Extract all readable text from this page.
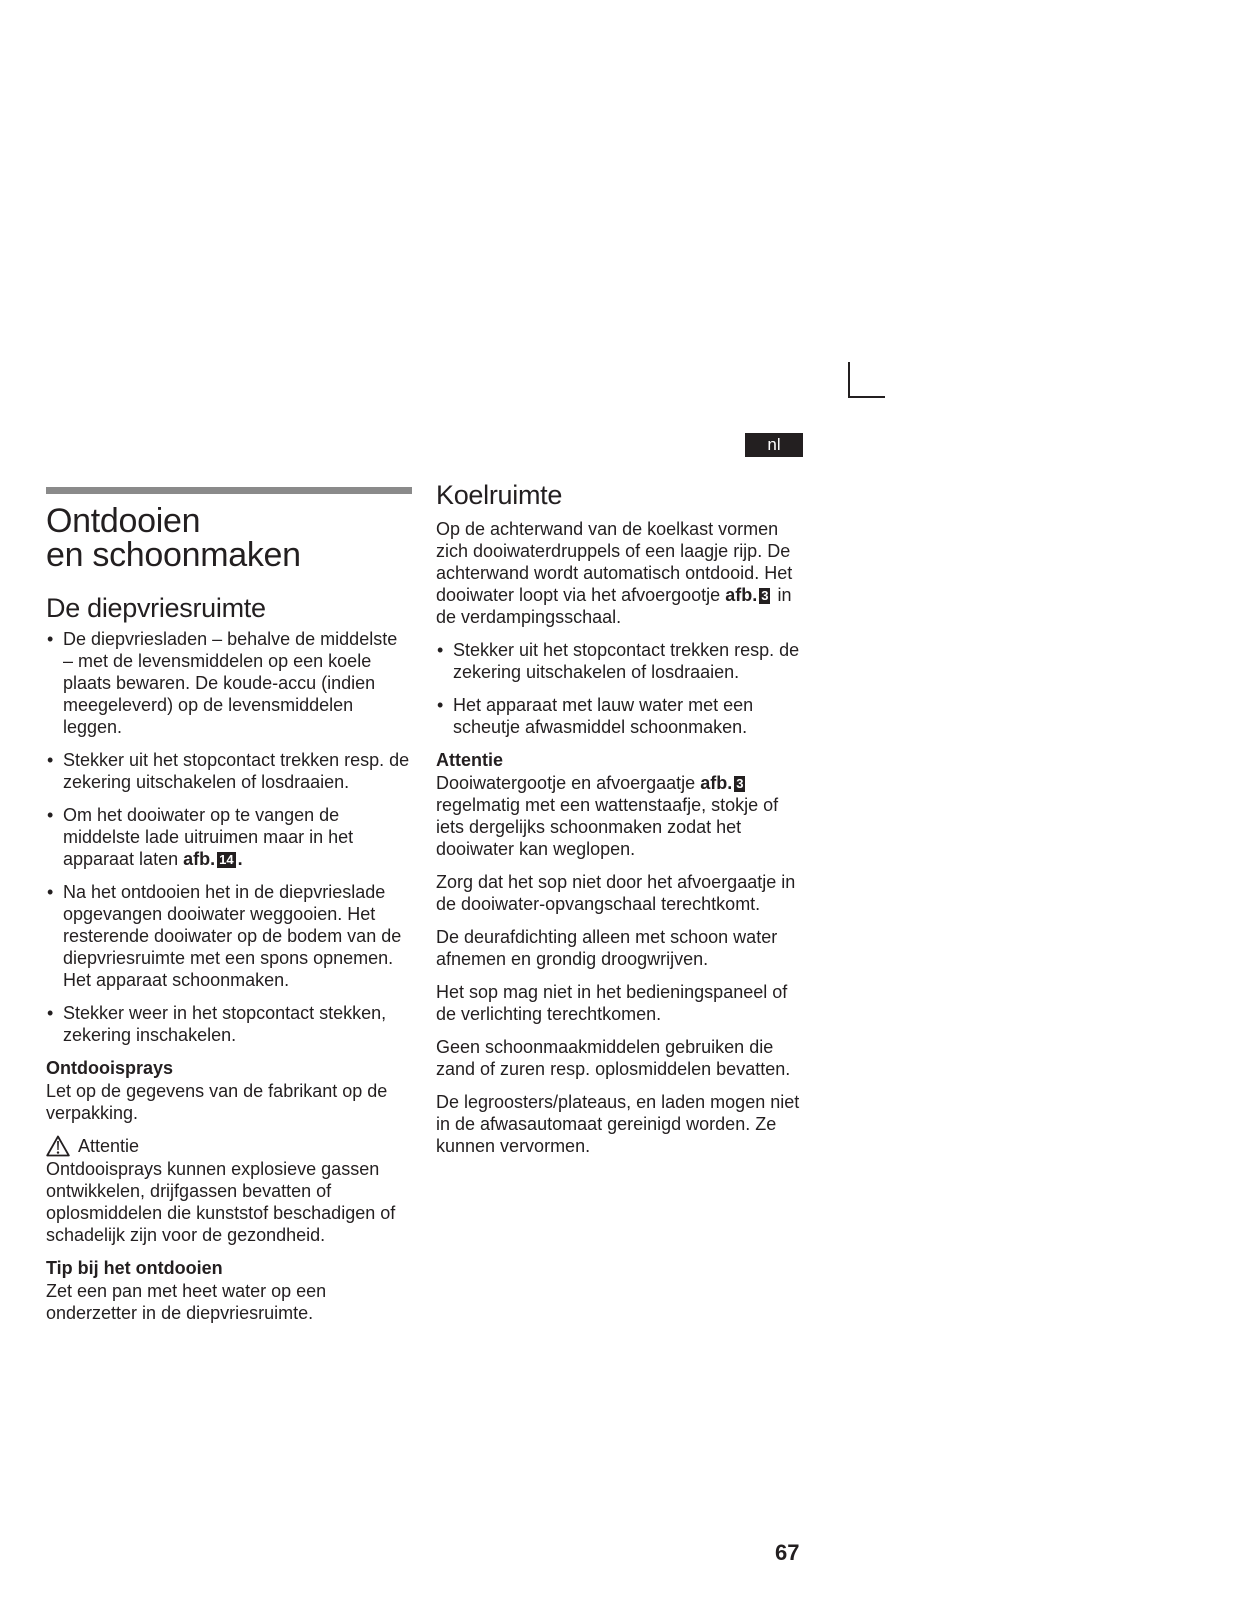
nl
Ontdooien
en schoonmaken
De diepvriesruimte
• De diepvriesladen – behalve de middelste – met de levensmiddelen op een koele plaats bewaren. De koude-accu (indien meegeleverd) op de levensmiddelen leggen.
• Stekker uit het stopcontact trekken resp. de zekering uitschakelen of losdraaien.
• Om het dooiwater op te vangen de middelste lade uitruimen maar in het apparaat laten afb. 14 .
• Na het ontdooien het in de diepvrieslade opgevangen dooiwater weggooien. Het resterende dooiwater op de bodem van de diepvriesruimte met een spons opnemen. Het apparaat schoonmaken.
• Stekker weer in het stopcontact stekken, zekering inschakelen.
Ontdooisprays

Let op de gegevens van de fabrikant op de verpakking.

Attentie

Ontdooisprays kunnen explosieve gassen ontwikkelen, drijfgassen bevatten of oplosmiddelen die kunststof beschadigen of schadelijk zijn voor de gezondheid.

Tip bij het ontdooien

Zet een pan met heet water op een onderzetter in de diepvriesruimte.

Koelruimte

Op de achterwand van de koelkast vormen zich dooiwaterdruppels of een laagje rijp. De achterwand wordt automatisch ontdooid. Het dooiwater loopt via het afvoergootje afb. 3 in de verdampingsschaal.

• Stekker uit het stopcontact trekken resp. de zekering uitschakelen of losdraaien.
• Het apparaat met lauw water met een scheutje afwasmiddel schoonmaken.
Attentie

Dooiwatergootje en afvoergaatje afb. 3 regelmatig met een wattenstaafje, stokje of iets dergelijks schoonmaken zodat het dooiwater kan weglopen.

Zorg dat het sop niet door het afvoergaatje in de dooiwater-opvangschaal terechtkomt.

De deurafdichting alleen met schoon water afnemen en grondig droogwrijven.

Het sop mag niet in het bedieningspaneel of de verlichting terechtkomen.

Geen schoonmaakmiddelen gebruiken die zand of zuren resp. oplosmiddelen bevatten.

De legroosters/plateaus, en laden mogen niet in de afwasautomaat gereinigd worden. Ze kunnen vervormen.

67
